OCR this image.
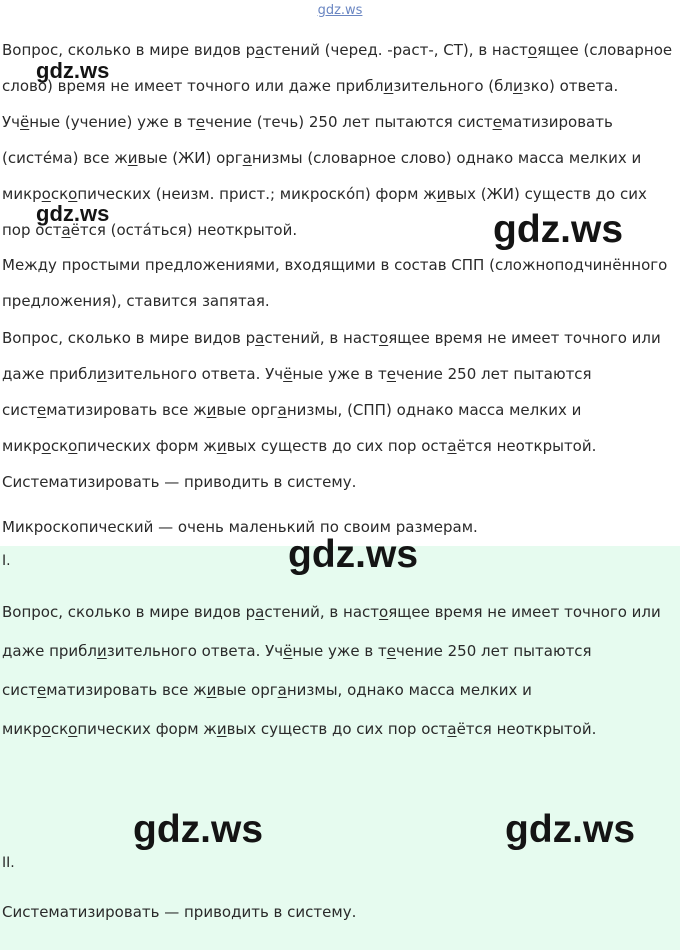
gdz.ws

Вопрос, сколько в мире видов растений (черед. -раст-, СТ), в настоящее (словарное слово) время не имеет точного или даже приблизительного (близко) ответа. Учёные (учение) уже в течение (течь) 250 лет пытаются систематизировать (систе́ма) все живые (ЖИ) организмы (словарное слово) однако масса мелких и микроскопических (неизм. прист.; микроско́п) форм живых (ЖИ) существ до сих пор остаётся (оста́ться) неоткрытой.

Между простыми предложениями, входящими в состав СПП (сложноподчинённого предложения), ставится запятая.

Вопрос, сколько в мире видов растений, в настоящее время не имеет точного или даже приблизительного ответа. Учёные уже в течение 250 лет пытаются систематизировать все живые организмы, (СПП) однако масса мелких и микроскопических форм живых существ до сих пор остаётся неоткрытой.

Систематизировать — приводить в систему.

Микроскопический — очень маленький по своим размерам.

I.

Вопрос, сколько в мире видов растений, в настоящее время не имеет точного или даже приблизительного ответа. Учёные уже в течение 250 лет пытаются систематизировать все живые организмы, однако масса мелких и микроскопических форм живых существ до сих пор остаётся неоткрытой.

II.

Систематизировать — приводить в систему.

gdz.ws
gdz.ws	gdz.ws
gdz.ws
gdz.ws	gdz.ws
